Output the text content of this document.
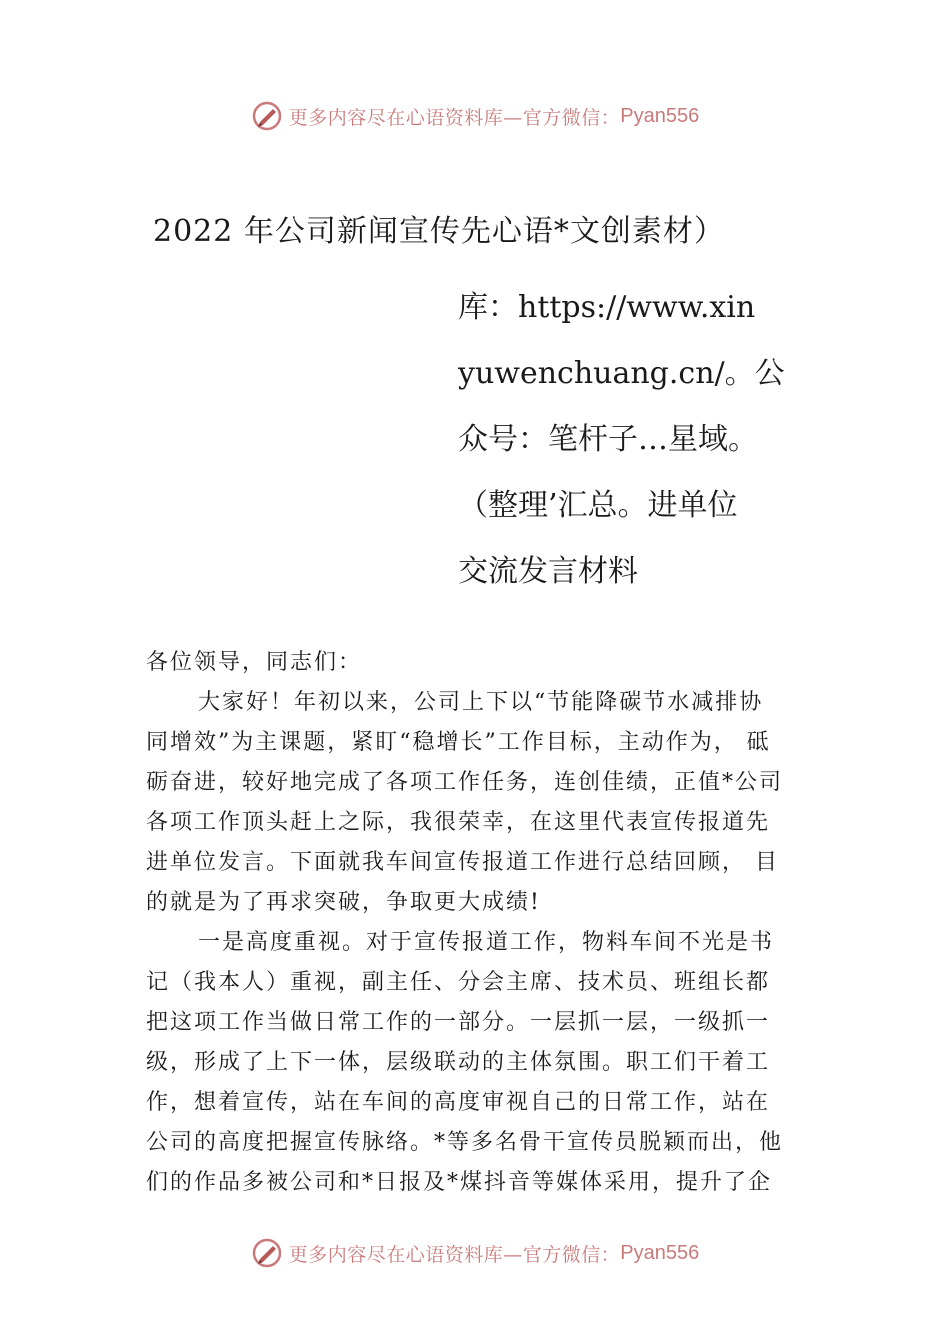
更多内容尽在心语资料库—官方微信： Pyan556
2022 年公司新闻宣传先心语*文创素材）
库：https://www.xin
yuwenchuang.cn/。公
众号：笔杆子…星域。
（整理’汇总。进单位
交流发言材料
各位领导，同志们：
大家好！年初以来，公司上下以“节能降碳节水减排协
同增效”为主课题，紧盯“稳增长”工作目标，主动作为， 砥
砺奋进，较好地完成了各项工作任务，连创佳绩，正值*公司
各项工作顶头赶上之际，我很荣幸，在这里代表宣传报道先
进单位发言。下面就我车间宣传报道工作进行总结回顾， 目
的就是为了再求突破，争取更大成绩!
一是高度重视。对于宣传报道工作，物料车间不光是书
记（我本人）重视，副主任、分会主席、技术员、班组长都
把这项工作当做日常工作的一部分。一层抓一层，一级抓一
级，形成了上下一体，层级联动的主体氛围。职工们干着工
作，想着宣传，站在车间的高度审视自己的日常工作，站在
公司的高度把握宣传脉络。*等多名骨干宣传员脱颖而出，他
们的作品多被公司和*日报及*煤抖音等媒体采用，提升了企
更多内容尽在心语资料库—官方微信： Pyan556
